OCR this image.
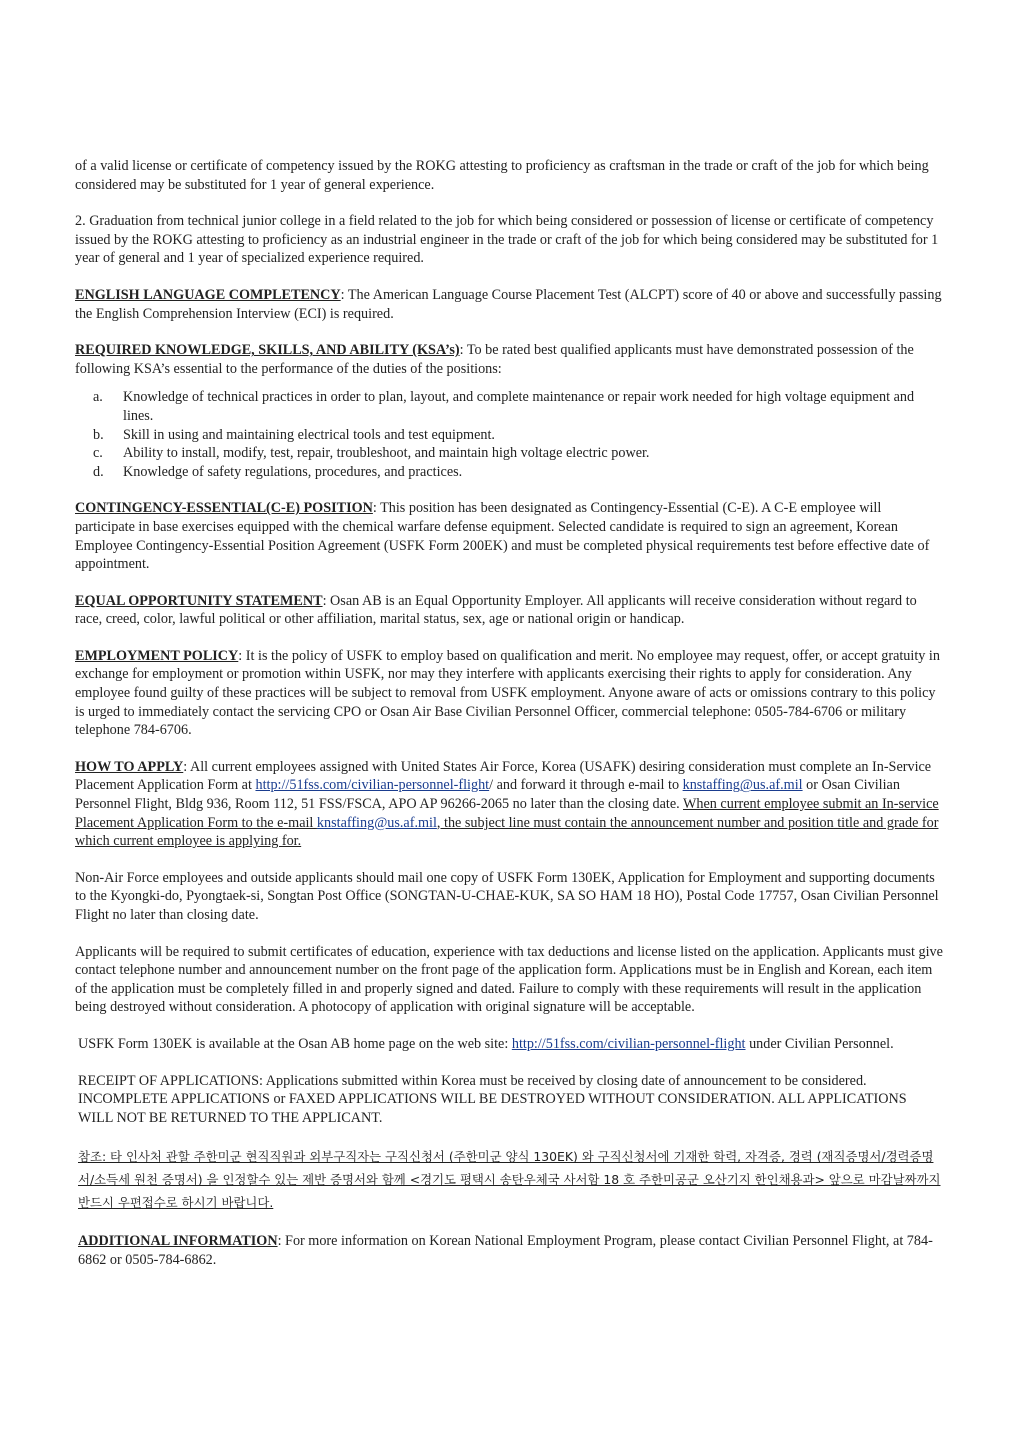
of a valid license or certificate of competency issued by the ROKG attesting to proficiency as craftsman in the trade or craft of the job for which being considered may be substituted for 1 year of general experience.

2. Graduation from technical junior college in a field related to the job for which being considered or possession of license or certificate of competency issued by the ROKG attesting to proficiency as an industrial engineer in the trade or craft of the job for which being considered may be substituted for 1 year of general and 1 year of specialized experience required.

ENGLISH LANGUAGE COMPLETENCY: The American Language Course Placement Test (ALCPT) score of 40 or above and successfully passing the English Comprehension Interview (ECI) is required.

REQUIRED KNOWLEDGE, SKILLS, AND ABILITY (KSA’s): To be rated best qualified applicants must have demonstrated possession of the following KSA’s essential to the performance of the duties of the positions:

a. Knowledge of technical practices in order to plan, layout, and complete maintenance or repair work needed for high voltage equipment and lines.
b. Skill in using and maintaining electrical tools and test equipment.
c. Ability to install, modify, test, repair, troubleshoot, and maintain high voltage electric power.
d. Knowledge of safety regulations, procedures, and practices.

CONTINGENCY-ESSENTIAL(C-E) POSITION: This position has been designated as Contingency-Essential (C-E). A C-E employee will participate in base exercises equipped with the chemical warfare defense equipment. Selected candidate is required to sign an agreement, Korean Employee Contingency-Essential Position Agreement (USFK Form 200EK) and must be completed physical requirements test before effective date of appointment.

EQUAL OPPORTUNITY STATEMENT: Osan AB is an Equal Opportunity Employer. All applicants will receive consideration without regard to race, creed, color, lawful political or other affiliation, marital status, sex, age or national origin or handicap.

EMPLOYMENT POLICY: It is the policy of USFK to employ based on qualification and merit. No employee may request, offer, or accept gratuity in exchange for employment or promotion within USFK, nor may they interfere with applicants exercising their rights to apply for consideration. Any employee found guilty of these practices will be subject to removal from USFK employment. Anyone aware of acts or omissions contrary to this policy is urged to immediately contact the servicing CPO or Osan Air Base Civilian Personnel Officer, commercial telephone: 0505-784-6706 or military telephone 784-6706.

HOW TO APPLY: All current employees assigned with United States Air Force, Korea (USAFK) desiring consideration must complete an In-Service Placement Application Form at http://51fss.com/civilian-personnel-flight/ and forward it through e-mail to knstaffing@us.af.mil or Osan Civilian Personnel Flight, Bldg 936, Room 112, 51 FSS/FSCA, APO AP 96266-2065 no later than the closing date. When current employee submit an In-service Placement Application Form to the e-mail knstaffing@us.af.mil, the subject line must contain the announcement number and position title and grade for which current employee is applying for.

Non-Air Force employees and outside applicants should mail one copy of USFK Form 130EK, Application for Employment and supporting documents to the Kyongki-do, Pyongtaek-si, Songtan Post Office (SONGTAN-U-CHAE-KUK, SA SO HAM 18 HO), Postal Code 17757, Osan Civilian Personnel Flight no later than closing date.

Applicants will be required to submit certificates of education, experience with tax deductions and license listed on the application. Applicants must give contact telephone number and announcement number on the front page of the application form. Applications must be in English and Korean, each item of the application must be completely filled in and properly signed and dated. Failure to comply with these requirements will result in the application being destroyed without consideration. A photocopy of application with original signature will be acceptable.

USFK Form 130EK is available at the Osan AB home page on the web site: http://51fss.com/civilian-personnel-flight under Civilian Personnel.

RECEIPT OF APPLICATIONS: Applications submitted within Korea must be received by closing date of announcement to be considered. INCOMPLETE APPLICATIONS or FAXED APPLICATIONS WILL BE DESTROYED WITHOUT CONSIDERATION. ALL APPLICATIONS WILL NOT BE RETURNED TO THE APPLICANT.

참조: 타 인사처 관할 주한미군 현직직원과 외부구직자는 구직신청서 (주한미군 양식 130EK) 와 구직신청서에 기재한 학력, 자격증, 경력 (재직증명서/경력증명서/소득세 원천 증명서) 을 인정할수 있는 제반 증명서와 함께 <경기도 평택시 송탄우체국 사서함 18 호 주한미공군 오산기지 한인채용과> 앞으로 마감날짜까지 반드시 우편접수로 하시기 바랍니다.

ADDITIONAL INFORMATION: For more information on Korean National Employment Program, please contact Civilian Personnel Flight, at 784-6862 or 0505-784-6862.
